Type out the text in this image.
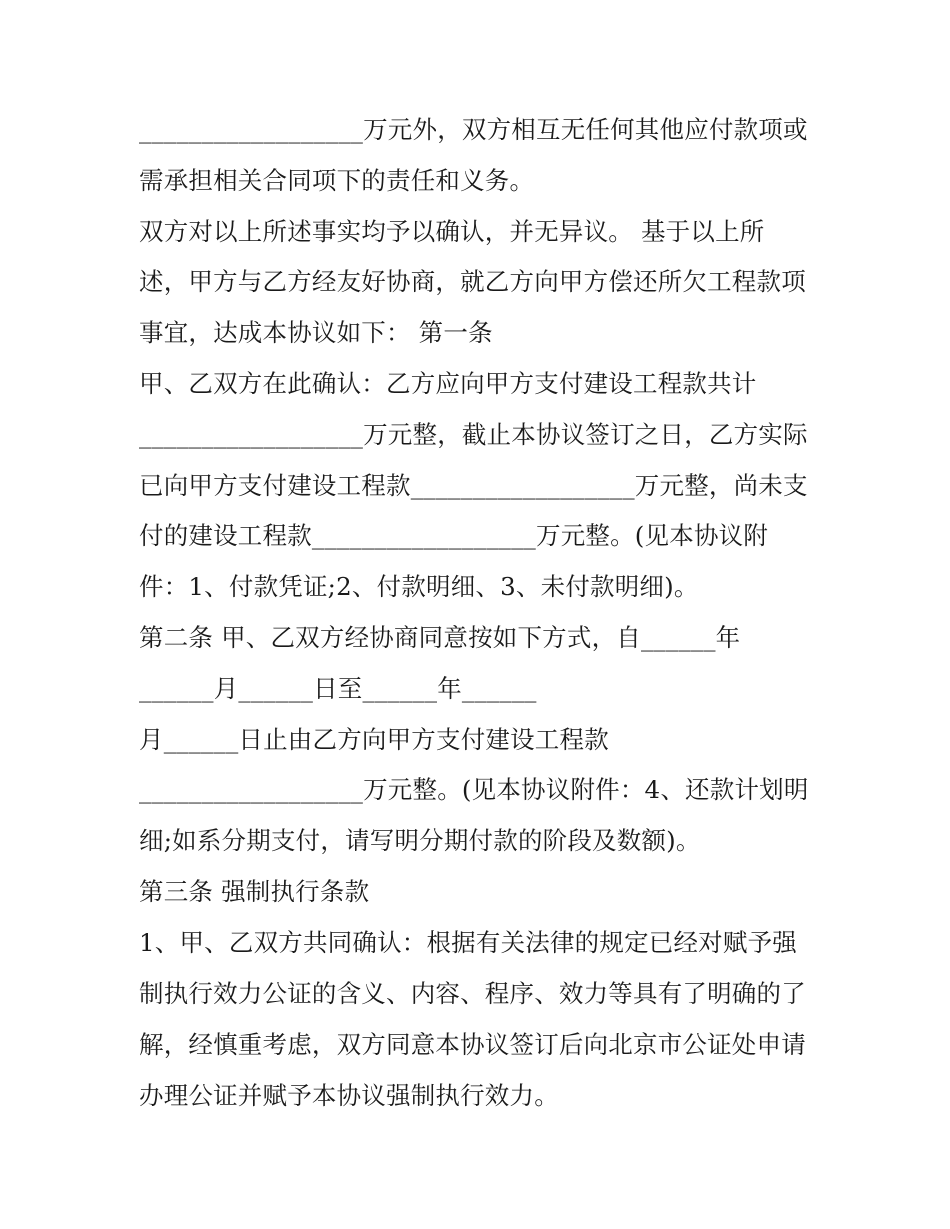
__________________万元外，双方相互无任何其他应付款项或
需承担相关合同项下的责任和义务。
双方对以上所述事实均予以确认，并无异议。 基于以上所
述，甲方与乙方经友好协商，就乙方向甲方偿还所欠工程款项
事宜，达成本协议如下： 第一条
甲、乙双方在此确认：乙方应向甲方支付建设工程款共计
__________________万元整，截止本协议签订之日，乙方实际
已向甲方支付建设工程款__________________万元整，尚未支
付的建设工程款__________________万元整。(见本协议附
件：1、付款凭证;2、付款明细、3、未付款明细)。
第二条 甲、乙双方经协商同意按如下方式，自______年
______月______日至______年______
月______日止由乙方向甲方支付建设工程款
__________________万元整。(见本协议附件：4、还款计划明
细;如系分期支付，请写明分期付款的阶段及数额)。
第三条 强制执行条款
1、甲、乙双方共同确认：根据有关法律的规定已经对赋予强
制执行效力公证的含义、内容、程序、效力等具有了明确的了
解，经慎重考虑，双方同意本协议签订后向北京市公证处申请
办理公证并赋予本协议强制执行效力。
